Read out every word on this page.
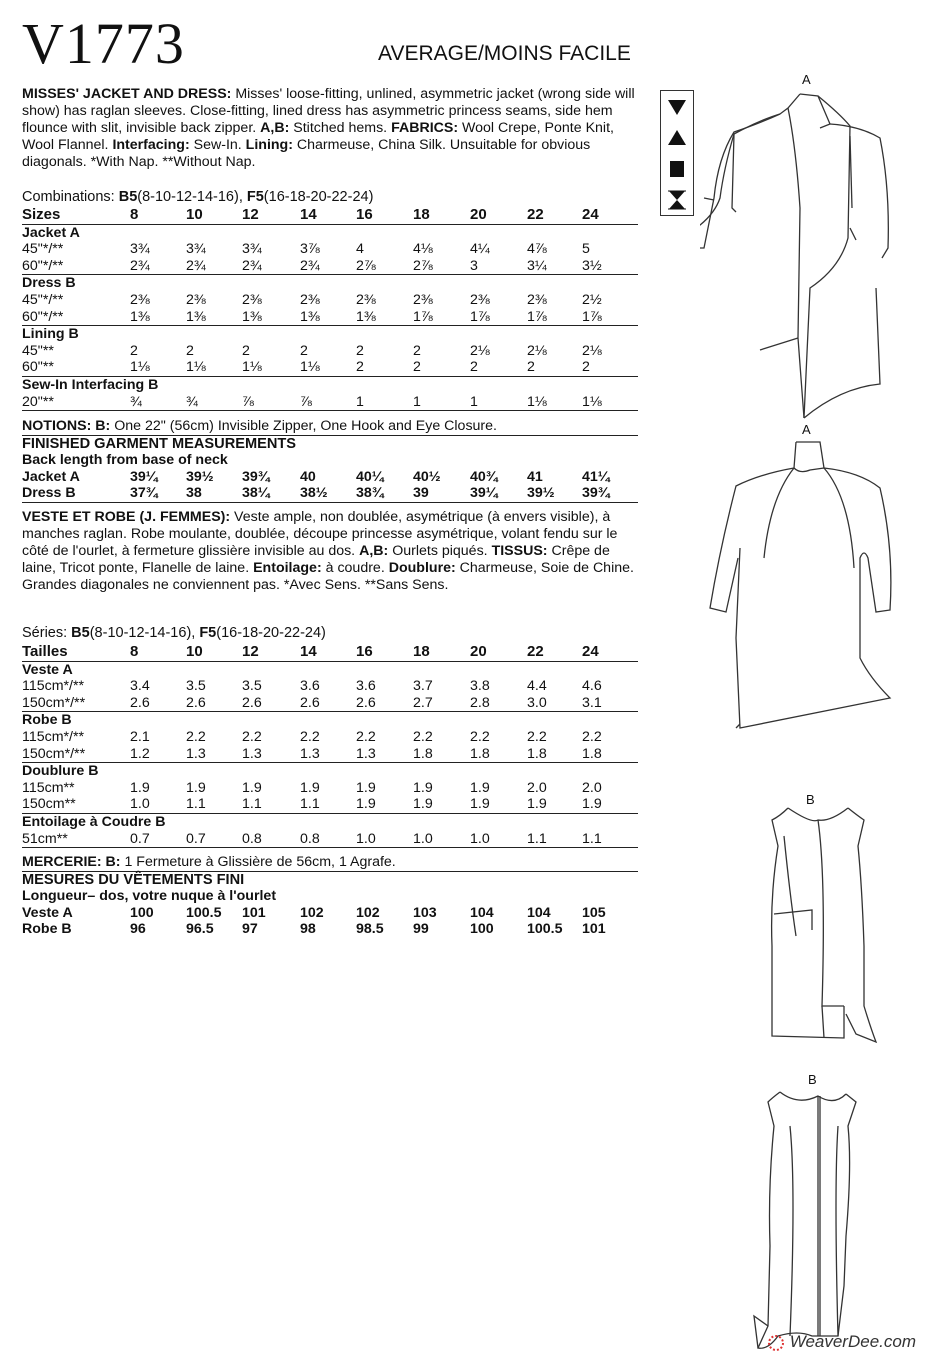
V1773	AVERAGE/MOINS FACILE

MISSES' JACKET AND DRESS: Misses' loose-fitting, unlined, asymmetric jacket (wrong side will show) has raglan sleeves. Close-fitting, lined dress has asymmetric princess seams, side hem flounce with slit, invisible back zipper. A,B: Stitched hems. FABRICS: Wool Crepe, Ponte Knit, Wool Flannel. Interfacing: Sew-In. Lining: Charmeuse, China Silk. Unsuitable for obvious diagonals. *With Nap. **Without Nap.

Combinations: B5(8-10-12-14-16), F5(16-18-20-22-24)
Sizes	8	10	12	14	16	18	20	22	24
Jacket A
45"*/**	3¾	3¾	3¾	3⅞	4	4⅛	4¼	4⅞ 5
60"*/**	2¾	2¾	2¾	2¾	2⅞	2⅞	3	3¼ 3½
Dress B
45"*/**	2⅜	2⅜	2⅜	2⅜	2⅜	2⅜	2⅜	2⅜ 2½
60"*/**	1⅜	1⅜	1⅜	1⅜	1⅜	1⅞	1⅞	1⅞ 1⅞
Lining B
45"**	2	2	2	2	2	2	2⅛	2⅛ 2⅛
60"**	1⅛	1⅛	1⅛	1⅛	2	2	2	2	2
Sew-In Interfacing B
20"**	¾	¾	⅞	⅞	1	1	1	1⅛ 1⅛
NOTIONS: B: One 22" (56cm) Invisible Zipper, One Hook and Eye Closure.
FINISHED GARMENT MEASUREMENTS
Back length from base of neck
Jacket A	39¼ 39½ 39¾ 40	40¼ 40½ 40¾ 41	41¼
Dress B	37¾ 38	38¼ 38½ 38¾ 39	39¼ 39½ 39¾

VESTE ET ROBE (J. FEMMES): Veste ample, non doublée, asymétrique (à envers visible), à manches raglan. Robe moulante, doublée, découpe princesse asymétrique, volant fendu sur le côté de l'ourlet, à fermeture glissière invisible au dos. A,B: Ourlets piqués. TISSUS: Crêpe de laine, Tricot ponte, Flanelle de laine. Entoilage: à coudre. Doublure: Charmeuse, Soie de Chine. Grandes diagonales ne conviennent pas. *Avec Sens. **Sans Sens.

Séries: B5(8-10-12-14-16), F5(16-18-20-22-24)
Tailles	8	10	12	14	16	18	20	22	24
Veste A
115cm*/**	3.4	3.5	3.5	3.6	3.6	3.7	3.8	4.4 4.6
150cm*/**	2.6	2.6	2.6	2.6	2.6	2.7	2.8	3.0 3.1
Robe B
115cm*/**	2.1	2.2	2.2	2.2	2.2	2.2	2.2	2.2 2.2
150cm*/**	1.2	1.3	1.3	1.3	1.3	1.8	1.8	1.8 1.8
Doublure B
115cm**	1.9	1.9	1.9	1.9	1.9	1.9	1.9	2.0 2.0
150cm**	1.0	1.1	1.1	1.1	1.9	1.9	1.9	1.9 1.9
Entoilage à Coudre B
51cm**	0.7	0.7	0.8	0.8	1.0	1.0	1.0	1.1 1.1
MERCERIE: B: 1 Fermeture à Glissière de 56cm, 1 Agrafe.
MESURES DU VÊTEMENTS FINI
Longueur– dos, votre nuque à l'ourlet
Veste A	100 100.5 101 102 102 103 104 104 105
Robe B	96	96.5 97	98	98.5 99	100 100.5 101
A
A
B
B
WeaverDee.com
